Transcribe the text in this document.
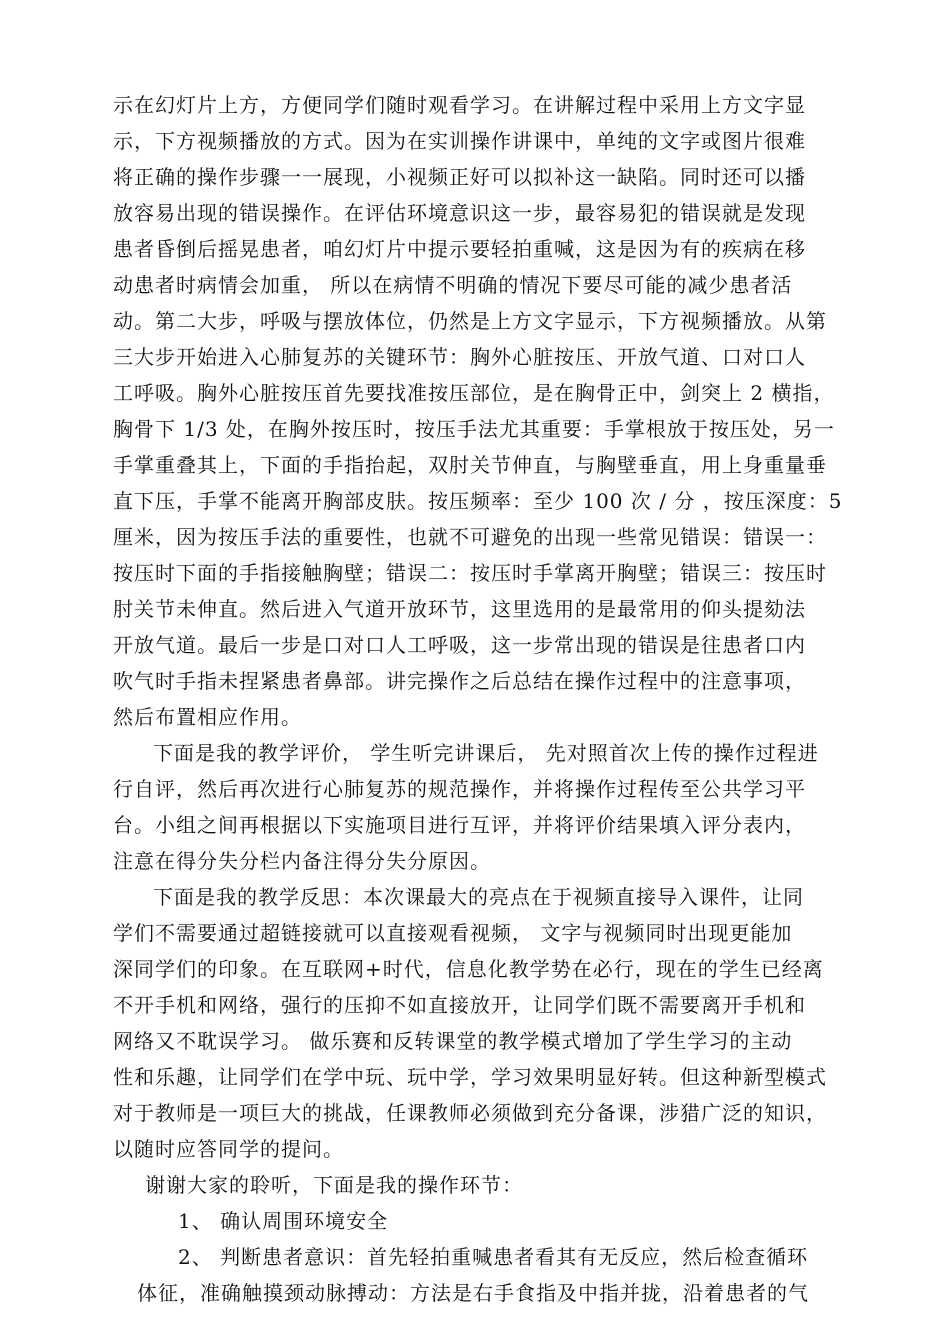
示在幻灯片上方，方便同学们随时观看学习。在讲解过程中采用上方文字显
示，下方视频播放的方式。因为在实训操作讲课中，单纯的文字或图片很难
将正确的操作步骤一一展现，小视频正好可以拟补这一缺陷。同时还可以播
放容易出现的错误操作。在评估环境意识这一步，最容易犯的错误就是发现
患者昏倒后摇晃患者，咱幻灯片中提示要轻拍重喊，这是因为有的疾病在移
动患者时病情会加重， 所以在病情不明确的情况下要尽可能的减少患者活
动。第二大步，呼吸与摆放体位，仍然是上方文字显示，下方视频播放。从第
三大步开始进入心肺复苏的关键环节：胸外心脏按压、开放气道、口对口人
工呼吸。胸外心脏按压首先要找准按压部位，是在胸骨正中，剑突上 2 横指，
胸骨下 1/3 处，在胸外按压时，按压手法尤其重要：手掌根放于按压处，另一
手掌重叠其上，下面的手指抬起，双肘关节伸直，与胸壁垂直，用上身重量垂
直下压，手掌不能离开胸部皮肤。按压频率：至少 100 次 / 分 ，按压深度：5
厘米，因为按压手法的重要性，也就不可避免的出现一些常见错误：错误一：
按压时下面的手指接触胸壁；错误二：按压时手掌离开胸壁；错误三：按压时
肘关节未伸直。然后进入气道开放环节，这里选用的是最常用的仰头提劾法
开放气道。最后一步是口对口人工呼吸，这一步常出现的错误是往患者口内
吹气时手指未捏紧患者鼻部。讲完操作之后总结在操作过程中的注意事项，
然后布置相应作用。
下面是我的教学评价， 学生听完讲课后， 先对照首次上传的操作过程进
行自评，然后再次进行心肺复苏的规范操作，并将操作过程传至公共学习平
台。小组之间再根据以下实施项目进行互评，并将评价结果填入评分表内，
注意在得分失分栏内备注得分失分原因。
下面是我的教学反思：本次课最大的亮点在于视频直接导入课件，让同
学们不需要通过超链接就可以直接观看视频， 文字与视频同时出现更能加
深同学们的印象。在互联网+时代，信息化教学势在必行，现在的学生已经离
不开手机和网络，强行的压抑不如直接放开，让同学们既不需要离开手机和
网络又不耽误学习。 做乐赛和反转课堂的教学模式增加了学生学习的主动
性和乐趣，让同学们在学中玩、玩中学，学习效果明显好转。但这种新型模式
对于教师是一项巨大的挑战，任课教师必须做到充分备课，涉猎广泛的知识，
以随时应答同学的提问。
谢谢大家的聆听，下面是我的操作环节：
1、 确认周围环境安全
2、 判断患者意识：首先轻拍重喊患者看其有无反应，然后检查循环
体征，准确触摸颈动脉搏动：方法是右手食指及中指并拢，沿着患者的气
